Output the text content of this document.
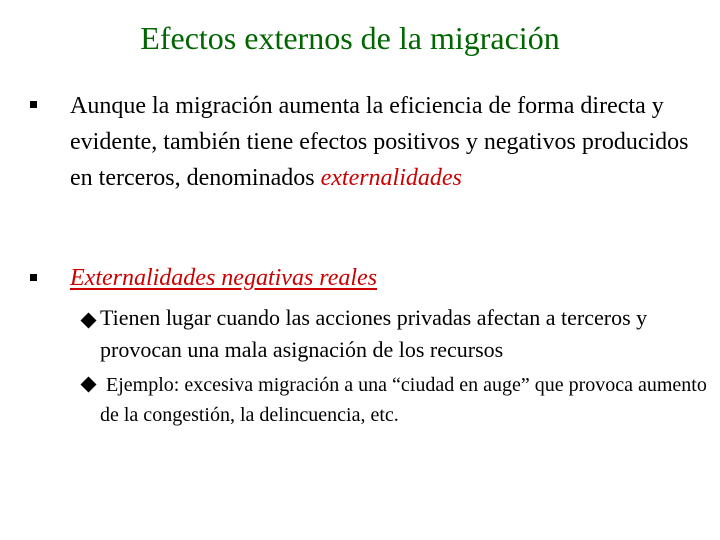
Efectos externos de la migración
Aunque la migración aumenta la eficiencia de forma directa y evidente, también tiene efectos positivos y negativos producidos en terceros, denominados externalidades
Externalidades negativas reales
Tienen lugar cuando las acciones privadas afectan a terceros y provocan una mala asignación de los recursos
Ejemplo: excesiva migración a una “ciudad en auge” que provoca aumento de la congestión, la delincuencia, etc.
